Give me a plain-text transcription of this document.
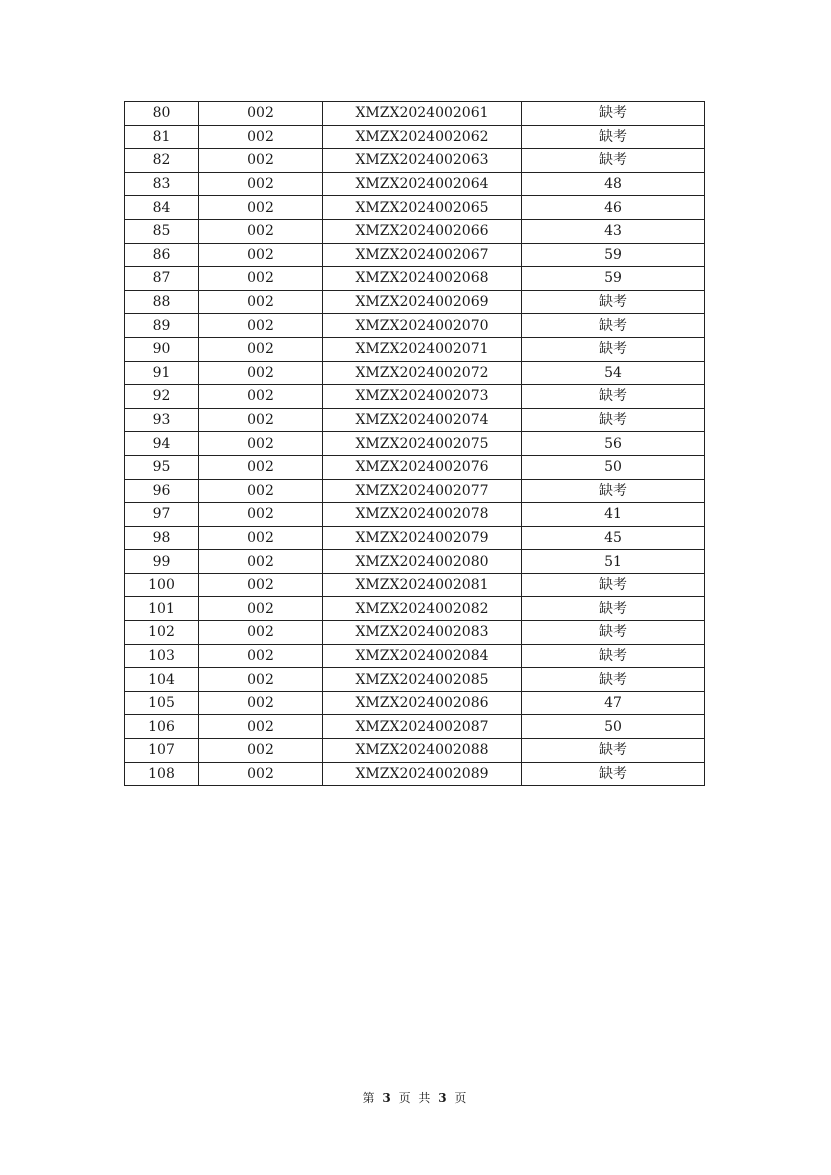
80	002	XMZX2024002061	缺考
81	002	XMZX2024002062	缺考
82	002	XMZX2024002063	缺考
83	002	XMZX2024002064	48
84	002	XMZX2024002065	46
85	002	XMZX2024002066	43
86	002	XMZX2024002067	59
87	002	XMZX2024002068	59
88	002	XMZX2024002069	缺考
89	002	XMZX2024002070	缺考
90	002	XMZX2024002071	缺考
91	002	XMZX2024002072	54
92	002	XMZX2024002073	缺考
93	002	XMZX2024002074	缺考
94	002	XMZX2024002075	56
95	002	XMZX2024002076	50
96	002	XMZX2024002077	缺考
97	002	XMZX2024002078	41
98	002	XMZX2024002079	45
99	002	XMZX2024002080	51
100	002	XMZX2024002081	缺考
101	002	XMZX2024002082	缺考
102	002	XMZX2024002083	缺考
103	002	XMZX2024002084	缺考
104	002	XMZX2024002085	缺考
105	002	XMZX2024002086	47
106	002	XMZX2024002087	50
107	002	XMZX2024002088	缺考
108	002	XMZX2024002089	缺考
第 3 页 共 3 页
